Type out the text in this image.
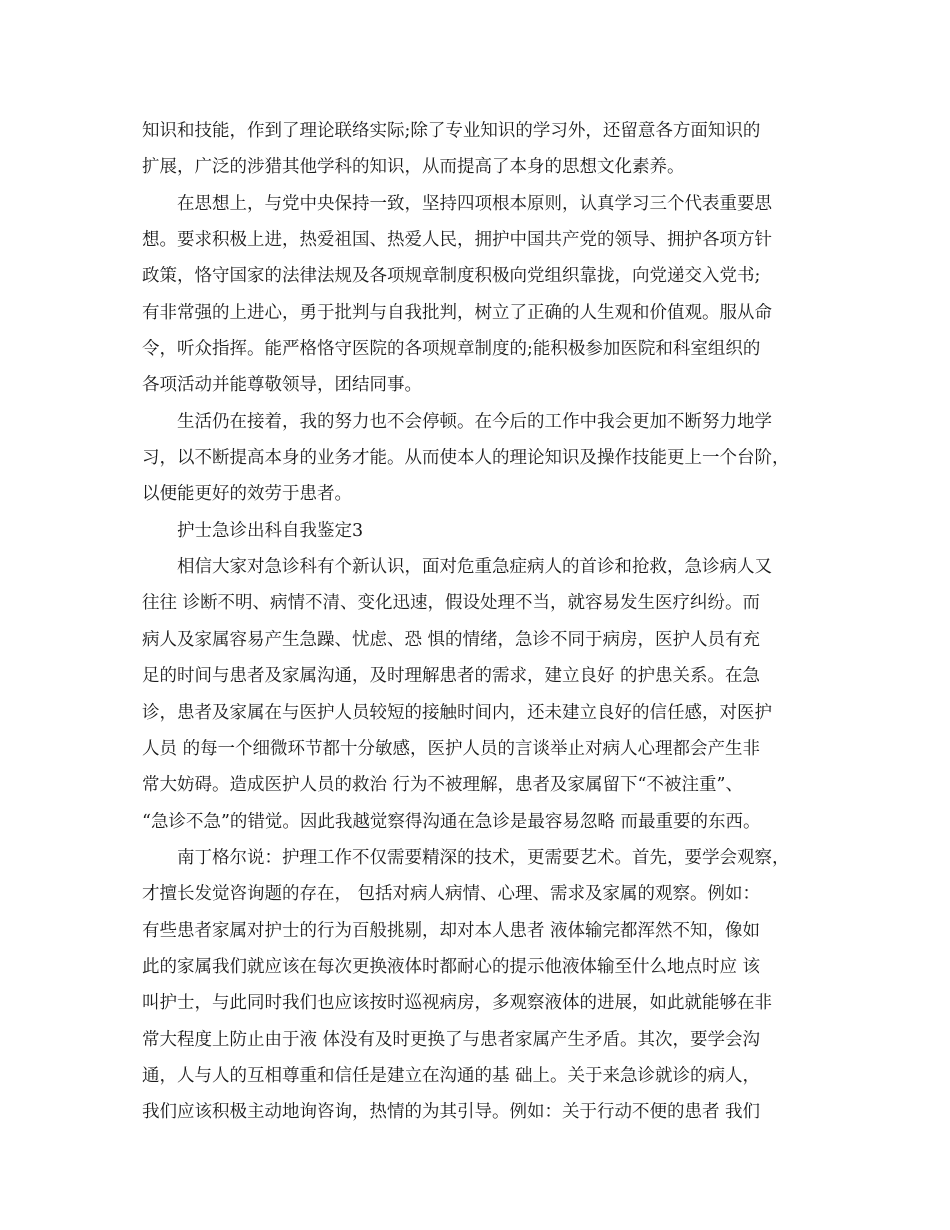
知识和技能，作到了理论联络实际;除了专业知识的学习外，还留意各方面知识的
扩展，广泛的涉猎其他学科的知识，从而提高了本身的思想文化素养。
在思想上，与党中央保持一致，坚持四项根本原则，认真学习三个代表重要思
想。要求积极上进，热爱祖国、热爱人民，拥护中国共产党的领导、拥护各项方针
政策，恪守国家的法律法规及各项规章制度积极向党组织靠拢，向党递交入党书;
有非常强的上进心，勇于批判与自我批判，树立了正确的人生观和价值观。服从命
令，听众指挥。能严格恪守医院的各项规章制度的;能积极参加医院和科室组织的
各项活动并能尊敬领导，团结同事。
生活仍在接着，我的努力也不会停顿。在今后的工作中我会更加不断努力地学
习，以不断提高本身的业务才能。从而使本人的理论知识及操作技能更上一个台阶，
以便能更好的效劳于患者。
护士急诊出科自我鉴定3
相信大家对急诊科有个新认识，面对危重急症病人的首诊和抢救，急诊病人又
往往 诊断不明、病情不清、变化迅速，假设处理不当，就容易发生医疗纠纷。而
病人及家属容易产生急躁、忧虑、恐 惧的情绪，急诊不同于病房，医护人员有充
足的时间与患者及家属沟通，及时理解患者的需求，建立良好 的护患关系。在急
诊，患者及家属在与医护人员较短的接触时间内，还未建立良好的信任感，对医护
人员 的每一个细微环节都十分敏感，医护人员的言谈举止对病人心理都会产生非
常大妨碍。造成医护人员的救治 行为不被理解，患者及家属留下“不被注重”、
“急诊不急”的错觉。因此我越觉察得沟通在急诊是最容易忽略 而最重要的东西。
南丁格尔说：护理工作不仅需要精深的技术，更需要艺术。首先，要学会观察，
才擅长发觉咨询题的存在， 包括对病人病情、心理、需求及家属的观察。例如：
有些患者家属对护士的行为百般挑剔，却对本人患者 液体输完都浑然不知，像如
此的家属我们就应该在每次更换液体时都耐心的提示他液体输至什么地点时应 该
叫护士，与此同时我们也应该按时巡视病房，多观察液体的进展，如此就能够在非
常大程度上防止由于液 体没有及时更换了与患者家属产生矛盾。其次，要学会沟
通，人与人的互相尊重和信任是建立在沟通的基 础上。关于来急诊就诊的病人，
我们应该积极主动地询咨询，热情的为其引导。例如：关于行动不便的患者 我们
